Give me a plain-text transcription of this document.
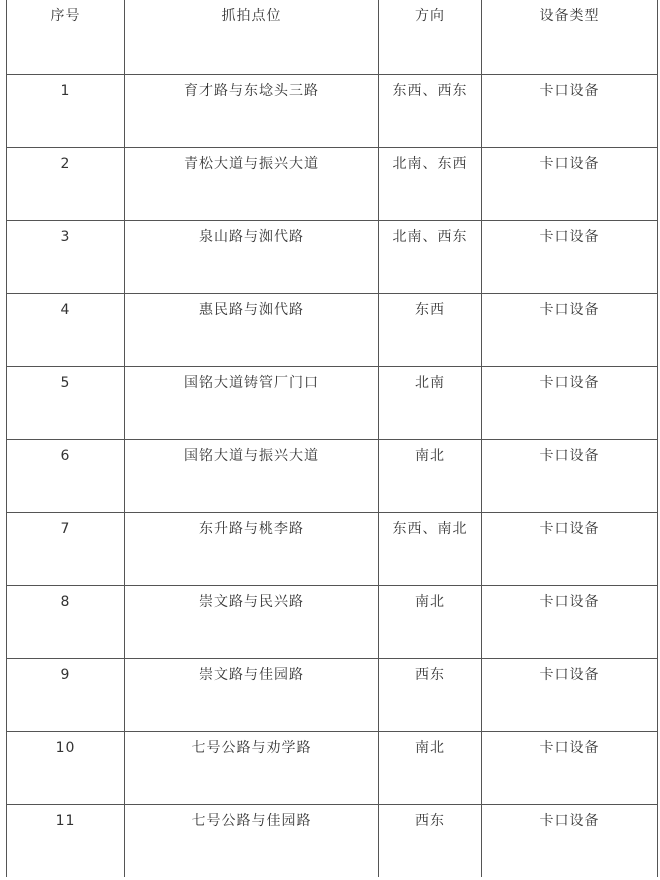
序号	抓拍点位	方向	设备类型
1	育才路与东埝头三路	东西、西东	卡口设备
2	青松大道与振兴大道	北南、东西	卡口设备
3	泉山路与洳代路	北南、西东	卡口设备
4	惠民路与洳代路	东西	卡口设备
5	国铭大道铸管厂门口	北南	卡口设备
6	国铭大道与振兴大道	南北	卡口设备
7	东升路与桃李路	东西、南北	卡口设备
8	崇文路与民兴路	南北	卡口设备
9	崇文路与佳园路	西东	卡口设备
10	七号公路与劝学路	南北	卡口设备
11	七号公路与佳园路	西东	卡口设备
